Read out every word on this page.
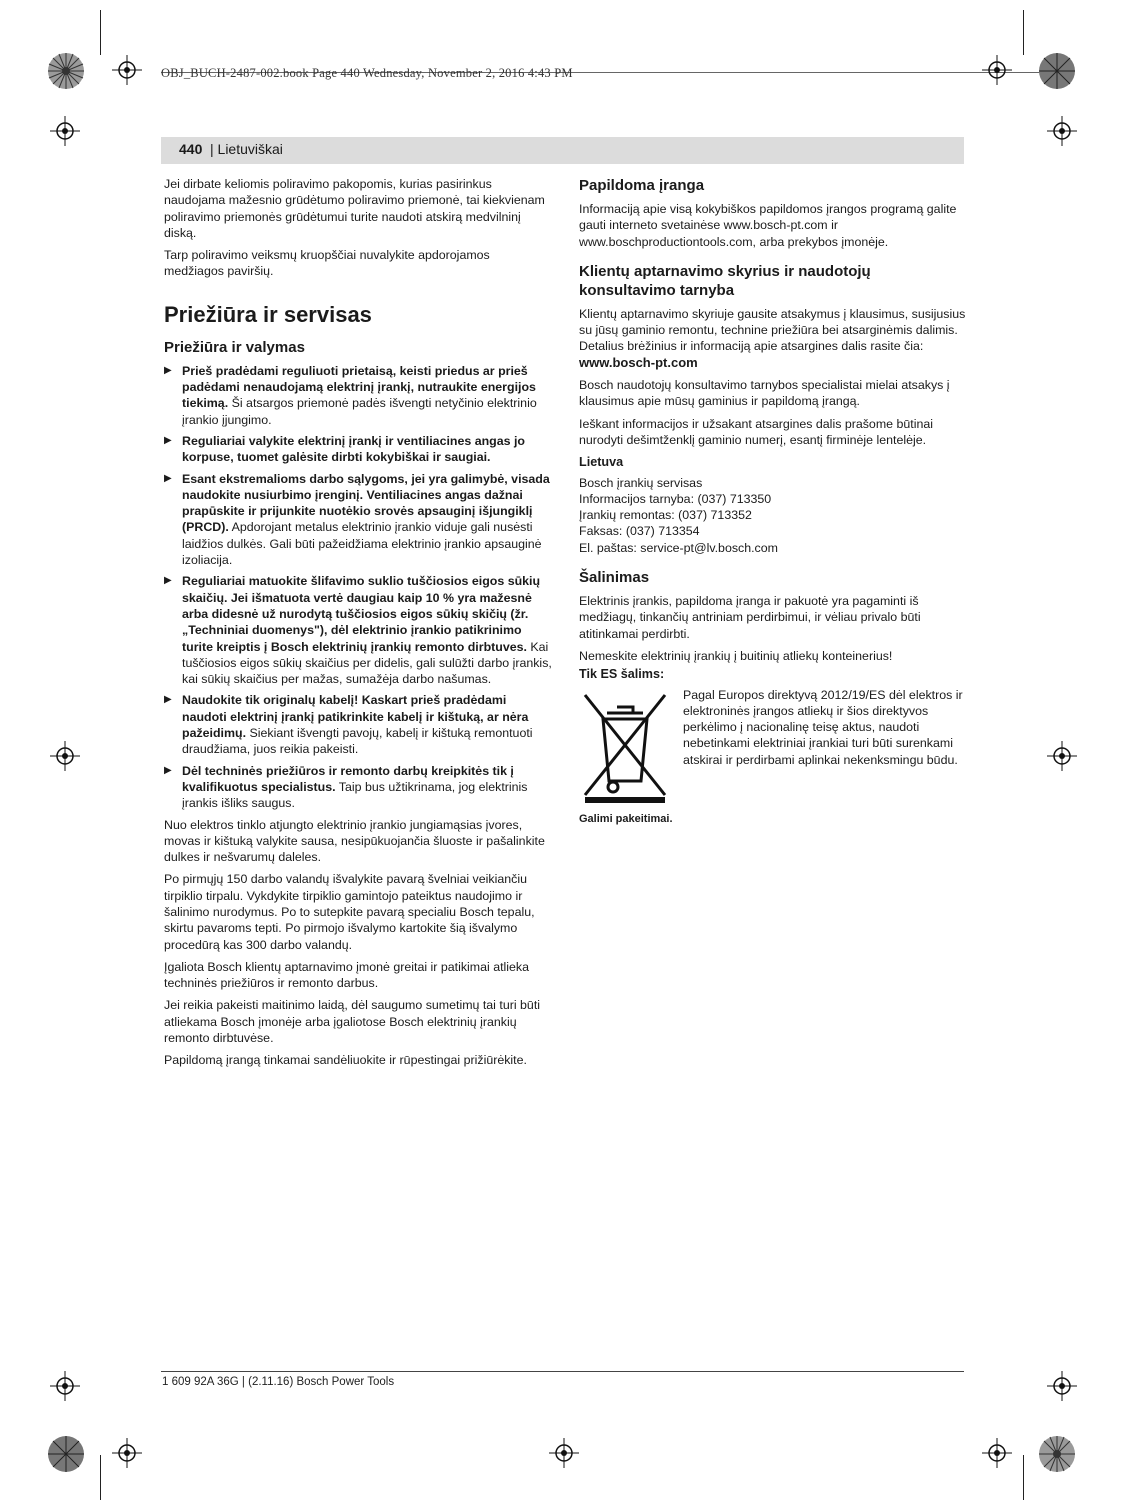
OBJ_BUCH-2487-002.book Page 440 Wednesday, November 2, 2016 4:43 PM
440 | Lietuviškai

Jei dirbate keliomis poliravimo pakopomis, kurias pasirinkus naudojama mažesnio grūdėtumo poliravimo priemonė, tai kiekvienam poliravimo priemonės grūdėtumui turite naudoti atskirą medvilninį diską.

Tarp poliravimo veiksmų kruopščiai nuvalykite apdorojamos medžiagos paviršių.

Priežiūra ir servisas
Priežiūra ir valymas
▶ Prieš pradėdami reguliuoti prietaisą, keisti priedus ar prieš padėdami nenaudojamą elektrinį įrankį, nutraukite energijos tiekimą. Ši atsargos priemonė padės išvengti netyčinio elektrinio įrankio įjungimo.
▶ Reguliariai valykite elektrinį įrankį ir ventiliacines angas jo korpuse, tuomet galėsite dirbti kokybiškai ir saugiai.
▶ Esant ekstremalioms darbo sąlygoms, jei yra galimybė, visada naudokite nusiurbimo įrenginį. Ventiliacines angas dažnai prapūskite ir prijunkite nuotėkio srovės apsauginį išjungiklį (PRCD). Apdorojant metalus elektrinio įrankio viduje gali nusėsti laidžios dulkės. Gali būti pažeidžiama elektrinio įrankio apsauginė izoliacija.
▶ Reguliariai matuokite šlifavimo suklio tuščiosios eigos sūkių skaičių. Jei išmatuota vertė daugiau kaip 10 % yra mažesnė arba didesnė už nurodytą tuščiosios eigos sūkių skičių (žr. „Techniniai duomenys"), dėl elektrinio įrankio patikrinimo turite kreiptis į Bosch elektrinių įrankių remonto dirbtuves. Kai tuščiosios eigos sūkių skaičius per didelis, gali sulūžti darbo įrankis, kai sūkių skaičius per mažas, sumažėja darbo našumas.
▶ Naudokite tik originalų kabelį! Kaskart prieš pradėdami naudoti elektrinį įrankį patikrinkite kabelį ir kištuką, ar nėra pažeidimų. Siekiant išvengti pavojų, kabelį ir kištuką remontuoti draudžiama, juos reikia pakeisti.
▶ Dėl techninės priežiūros ir remonto darbų kreipkitės tik į kvalifikuotus specialistus. Taip bus užtikrinama, jog elektrinis įrankis išliks saugus.

Nuo elektros tinklo atjungto elektrinio įrankio jungiamąsias įvores, movas ir kištuką valykite sausa, nesipūkuojančia šluoste ir pašalinkite dulkes ir nešvarumų daleles.

Po pirmųjų 150 darbo valandų išvalykite pavarą švelniai veikiančiu tirpiklio tirpalu. Vykdykite tirpiklio gamintojo pateiktus naudojimo ir šalinimo nurodymus. Po to sutepkite pavarą specialiu Bosch tepalu, skirtu pavaroms tepti. Po pirmojo išvalymo kartokite šią išvalymo procedūrą kas 300 darbo valandų.

Įgaliota Bosch klientų aptarnavimo įmonė greitai ir patikimai atlieka techninės priežiūros ir remonto darbus.

Jei reikia pakeisti maitinimo laidą, dėl saugumo sumetimų tai turi būti atliekama Bosch įmonėje arba įgaliotose Bosch elektrinių įrankių remonto dirbtuvėse.

Papildomą įrangą tinkamai sandėliuokite ir rūpestingai prižiūrėkite.

Papildoma įranga

Informaciją apie visą kokybiškos papildomos įrangos programą galite gauti interneto svetainėse www.bosch-pt.com ir www.boschproductiontools.com, arba prekybos įmonėje.

Klientų aptarnavimo skyrius ir naudotojų konsultavimo tarnyba

Klientų aptarnavimo skyriuje gausite atsakymus į klausimus, susijusius su jūsų gaminio remontu, technine priežiūra bei atsarginėmis dalimis. Detalius brėžinius ir informaciją apie atsargines dalis rasite čia:

www.bosch-pt.com

Bosch naudotojų konsultavimo tarnybos specialistai mielai atsakys į klausimus apie mūsų gaminius ir papildomą įrangą.

Ieškant informacijos ir užsakant atsargines dalis prašome būtinai nurodyti dešimtženklį gaminio numerį, esantį firminėje lentelėje.

Lietuva
Bosch įrankių servisas
Informacijos tarnyba: (037) 713350
Įrankių remontas: (037) 713352
Faksas: (037) 713354
El. paštas: service-pt@lv.bosch.com
Šalinimas

Elektrinis įrankis, papildoma įranga ir pakuotė yra pagaminti iš medžiagų, tinkančių antriniam perdirbimui, ir vėliau privalo būti atitinkamai perdirbti.

Nemeskite elektrinių įrankių į buitinių atliekų konteinerius!

Tik ES šalims:
Pagal Europos direktyvą 2012/19/ES dėl elektros ir elektroninės įrangos atliekų ir šios direktyvos perkėlimo į nacionalinę teisę aktus, naudoti nebetinkami elektriniai įrankiai turi būti surenkami atskirai ir perdirbami aplinkai nekenksmingu būdu.
Galimi pakeitimai.
1 609 92A 36G | (2.11.16) Bosch Power Tools
